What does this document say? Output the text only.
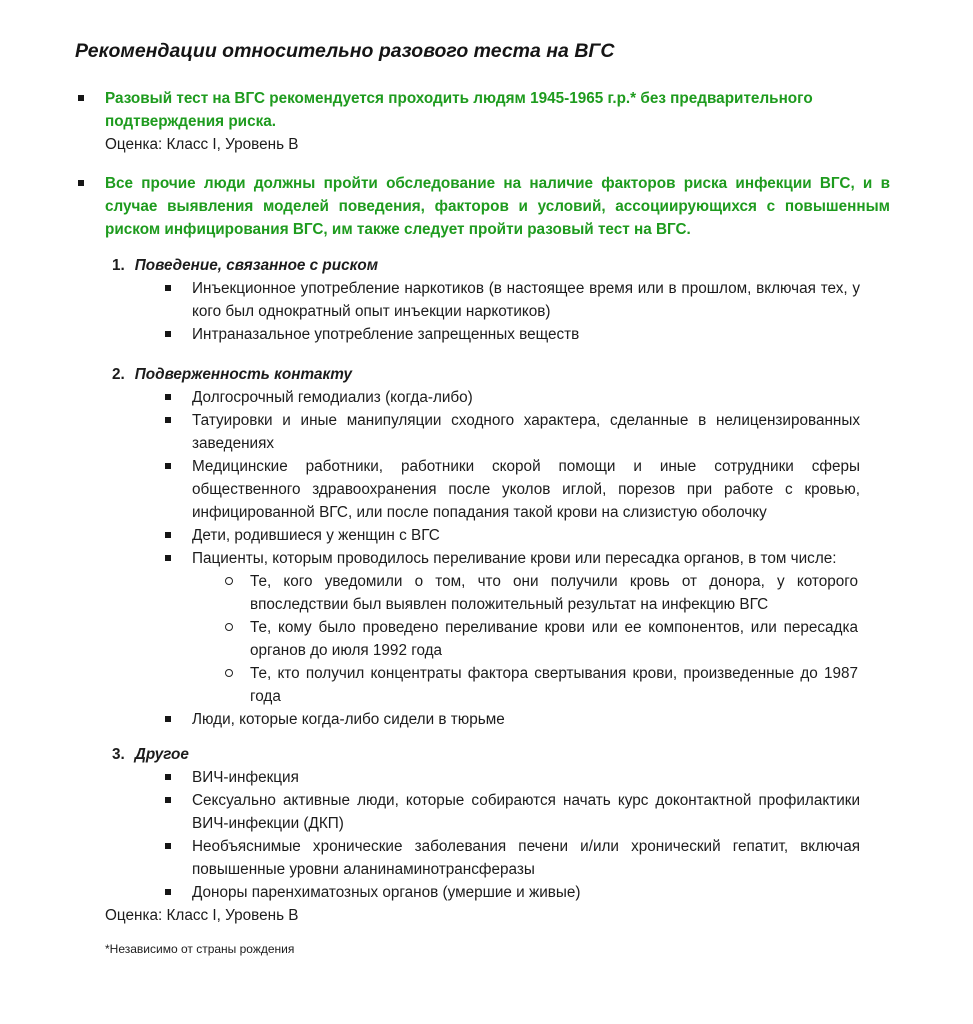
Рекомендации относительно разового теста на ВГС

Разовый тест на ВГС рекомендуется проходить людям 1945-1965 г.р.* без предварительного подтверждения риска.

Оценка: Класс I, Уровень B

Все прочие люди должны пройти обследование на наличие факторов риска инфекции ВГС, и в случае выявления моделей поведения, факторов и условий, ассоциирующихся с повышенным риском инфицирования ВГС, им также следует пройти разовый тест на ВГС.

1. Поведение, связанное с риском

Инъекционное употребление наркотиков (в настоящее время или в прошлом, включая тех, у кого был однократный опыт инъекции наркотиков)

Интраназальное употребление запрещенных веществ

2. Подверженность контакту

Долгосрочный гемодиализ (когда-либо)

Татуировки и иные манипуляции сходного характера, сделанные в нелицензированных заведениях

Медицинские работники, работники скорой помощи и иные сотрудники сферы общественного здравоохранения после уколов иглой, порезов при работе с кровью, инфицированной ВГС, или после попадания такой крови на слизистую оболочку

Дети, родившиеся у женщин с ВГС

Пациенты, которым проводилось переливание крови или пересадка органов, в том числе:

Те, кого уведомили о том, что они получили кровь от донора, у которого впоследствии был выявлен положительный результат на инфекцию ВГС

Те, кому было проведено переливание крови или ее компонентов, или пересадка органов до июля 1992 года

Те, кто получил концентраты фактора свертывания крови, произведенные до 1987 года

Люди, которые когда-либо сидели в тюрьме

3. Другое

ВИЧ-инфекция

Сексуально активные люди, которые собираются начать курс доконтактной профилактики ВИЧ-инфекции (ДКП)

Необъяснимые хронические заболевания печени и/или хронический гепатит, включая повышенные уровни аланинаминотрансферазы

Доноры паренхиматозных органов (умершие и живые)

Оценка: Класс I, Уровень B

*Независимо от страны рождения
